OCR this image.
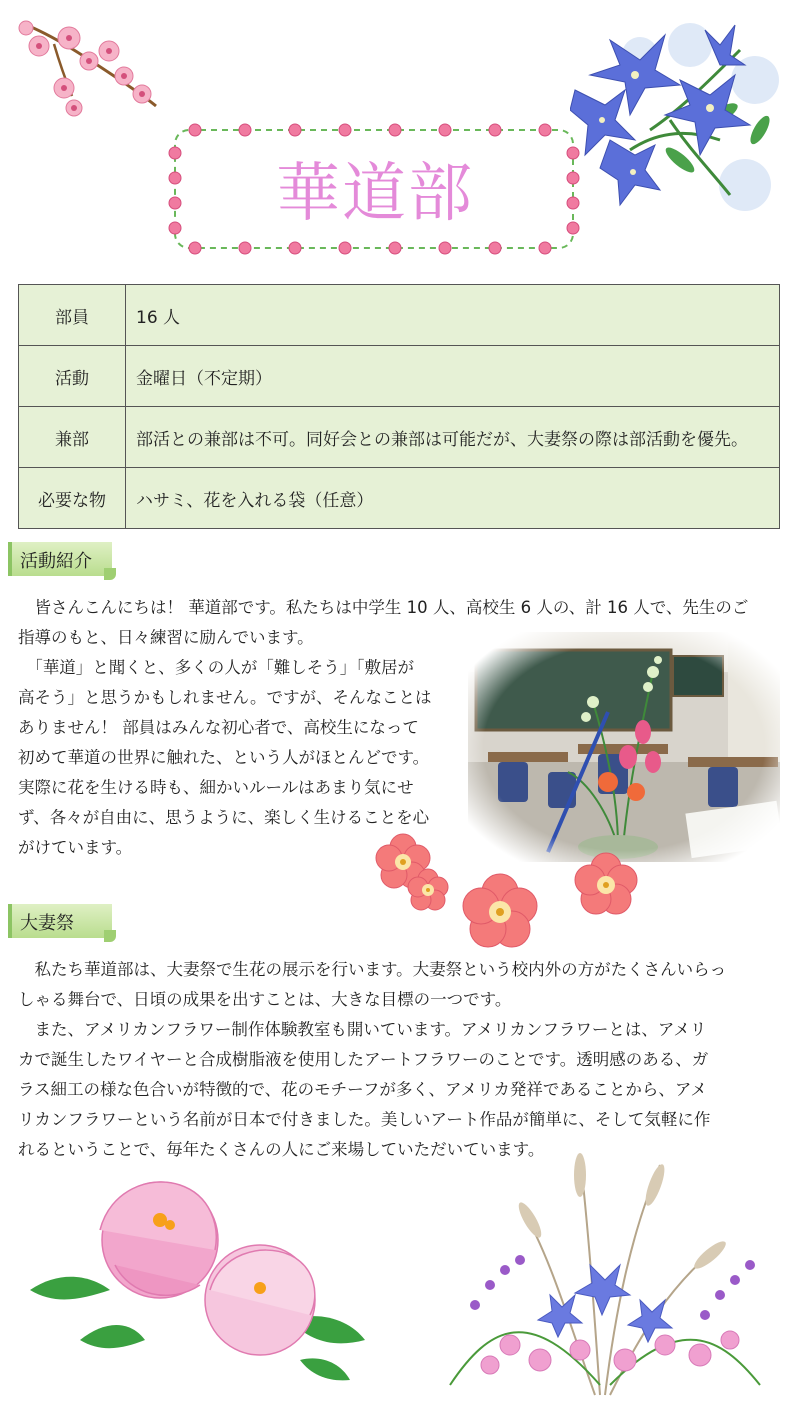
華道部
部員	16 人
活動	金曜日（不定期）
兼部	部活との兼部は不可。同好会との兼部は可能だが、大妻祭の際は部活動を優先。
必要な物	ハサミ、花を入れる袋（任意）
活動紹介

　皆さんこんにちは！ 華道部です。私たちは中学生 10 人、高校生 6 人の、計 16 人で、先生のご

指導のもと、日々練習に励んでいます。

　「華道」と聞くと、多くの人が「難しそう」「敷居が

高そう」と思うかもしれません。ですが、そんなことは

ありません！ 部員はみんな初心者で、高校生になって

初めて華道の世界に触れた、という人がほとんどです。

実際に花を生ける時も、細かいルールはあまり気にせ

ず、各々が自由に、思うように、楽しく生けることを心

がけています。

大妻祭

　私たち華道部は、大妻祭で生花の展示を行います。大妻祭という校内外の方がたくさんいらっ

しゃる舞台で、日頃の成果を出すことは、大きな目標の一つです。

　また、アメリカンフラワー制作体験教室も開いています。アメリカンフラワーとは、アメリ

カで誕生したワイヤーと合成樹脂液を使用したアートフラワーのことです。透明感のある、ガ

ラス細工の様な色合いが特徴的で、花のモチーフが多く、アメリカ発祥であることから、アメ

リカンフラワーという名前が日本で付きました。美しいアート作品が簡単に、そして気軽に作

れるということで、毎年たくさんの人にご来場していただいています。
